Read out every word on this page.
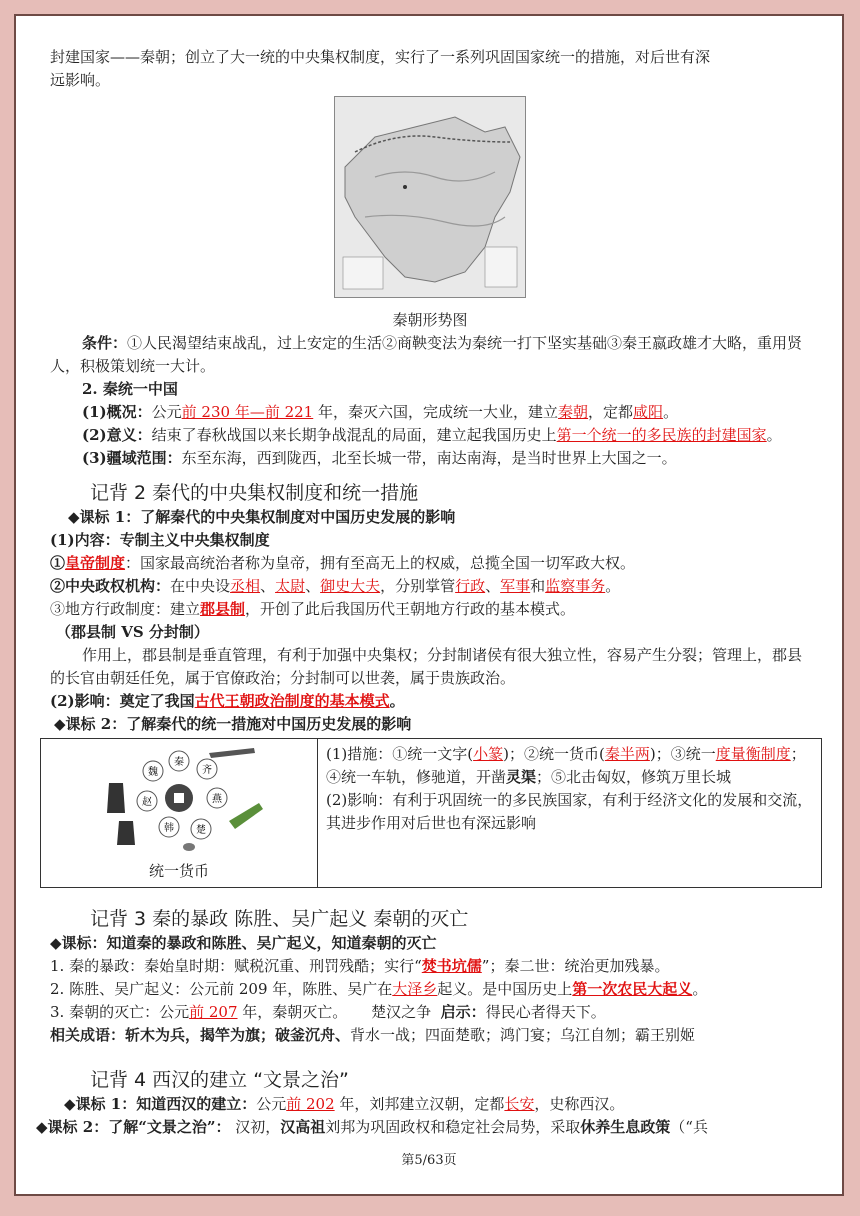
封建国家——秦朝；创立了大一统的中央集权制度，实行了一系列巩固国家统一的措施，对后世有深

远影响。

秦朝形势图

条件：①人民渴望结束战乱，过上安定的生活②商鞅变法为秦统一打下坚实基础③秦王嬴政雄才大略，重用贤人，积极策划统一大计。

2. 秦统一中国

(1)概况：公元前 230 年—前 221 年，秦灭六国，完成统一大业，建立秦朝，定都咸阳。

(2)意义：结束了春秋战国以来长期争战混乱的局面，建立起我国历史上第一个统一的多民族的封建国家。

(3)疆域范围：东至东海，西到陇西，北至长城一带，南达南海，是当时世界上大国之一。

记背 2 秦代的中央集权制度和统一措施

◆课标 1：了解秦代的中央集权制度对中国历史发展的影响

(1)内容：专制主义中央集权制度

①皇帝制度：国家最高统治者称为皇帝，拥有至高无上的权威，总揽全国一切军政大权。

②中央政权机构：在中央设丞相、太尉、御史大夫，分别掌管行政、军事和监察事务。

③地方行政制度：建立郡县制，开创了此后我国历代王朝地方行政的基本模式。

（郡县制 VS 分封制）

作用上，郡县制是垂直管理，有利于加强中央集权；分封制诸侯有很大独立性，容易产生分裂；管理上，郡县的长官由朝廷任免，属于官僚政治；分封制可以世袭，属于贵族政治。

(2)影响：奠定了我国古代王朝政治制度的基本模式。

◆课标 2：了解秦代的统一措施对中国历史发展的影响

秦
齐
燕
楚
韩
赵
魏
统一货币

(1)措施：①统一文字(小篆)；②统一货币(秦半两)；③统一度量衡制度；④统一车轨，修驰道，开凿灵渠；⑤北击匈奴，修筑万里长城

(2)影响：有利于巩固统一的多民族国家，有利于经济文化的发展和交流，其进步作用对后世也有深远影响

记背 3 秦的暴政 陈胜、吴广起义 秦朝的灭亡

◆课标：知道秦的暴政和陈胜、吴广起义，知道秦朝的灭亡

1. 秦的暴政：秦始皇时期：赋税沉重、刑罚残酷；实行“焚书坑儒”；秦二世：统治更加残暴。

2. 陈胜、吴广起义：公元前 209 年，陈胜、吴广在大泽乡起义。是中国历史上第一次农民大起义。

3. 秦朝的灭亡：公元前 207 年，秦朝灭亡。     楚汉之争  启示：得民心者得天下。

相关成语：斩木为兵，揭竿为旗；破釜沉舟、背水一战；四面楚歌；鸿门宴；乌江自刎；霸王别姬

记背 4 西汉的建立 “文景之治”

◆课标 1：知道西汉的建立：公元前 202 年，刘邦建立汉朝，定都长安，史称西汉。

◆课标 2：了解“文景之治”： 汉初，汉高祖刘邦为巩固政权和稳定社会局势，采取休养生息政策（“兵

第5/63页
